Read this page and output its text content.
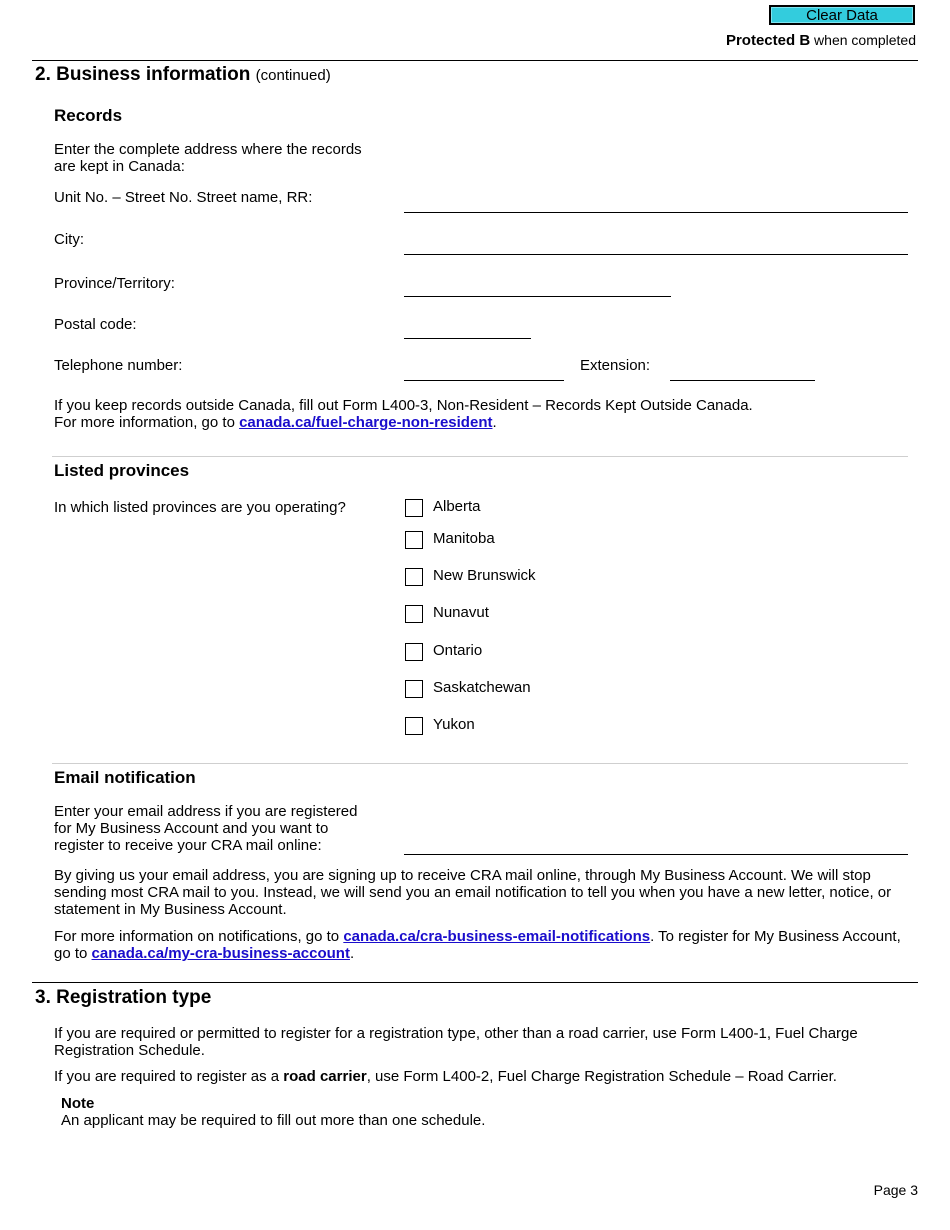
Clear Data
Protected B when completed
2. Business information (continued)
Records
Enter the complete address where the records are kept in Canada:
Unit No. – Street No. Street name, RR:
City:
Province/Territory:
Postal code:
Telephone number:	Extension:
If you keep records outside Canada, fill out Form L400-3, Non-Resident – Records Kept Outside Canada.
For more information, go to canada.ca/fuel-charge-non-resident.
Listed provinces
In which listed provinces are you operating?	Alberta
Manitoba
New Brunswick
Nunavut
Ontario
Saskatchewan
Yukon
Email notification
Enter your email address if you are registered for My Business Account and you want to register to receive your CRA mail online:
By giving us your email address, you are signing up to receive CRA mail online, through My Business Account. We will stop sending most CRA mail to you. Instead, we will send you an email notification to tell you when you have a new letter, notice, or statement in My Business Account.
For more information on notifications, go to canada.ca/cra-business-email-notifications. To register for My Business Account, go to canada.ca/my-cra-business-account.
3. Registration type
If you are required or permitted to register for a registration type, other than a road carrier, use Form L400-1, Fuel Charge Registration Schedule.
If you are required to register as a road carrier, use Form L400-2, Fuel Charge Registration Schedule – Road Carrier.
Note
An applicant may be required to fill out more than one schedule.
Page 3
